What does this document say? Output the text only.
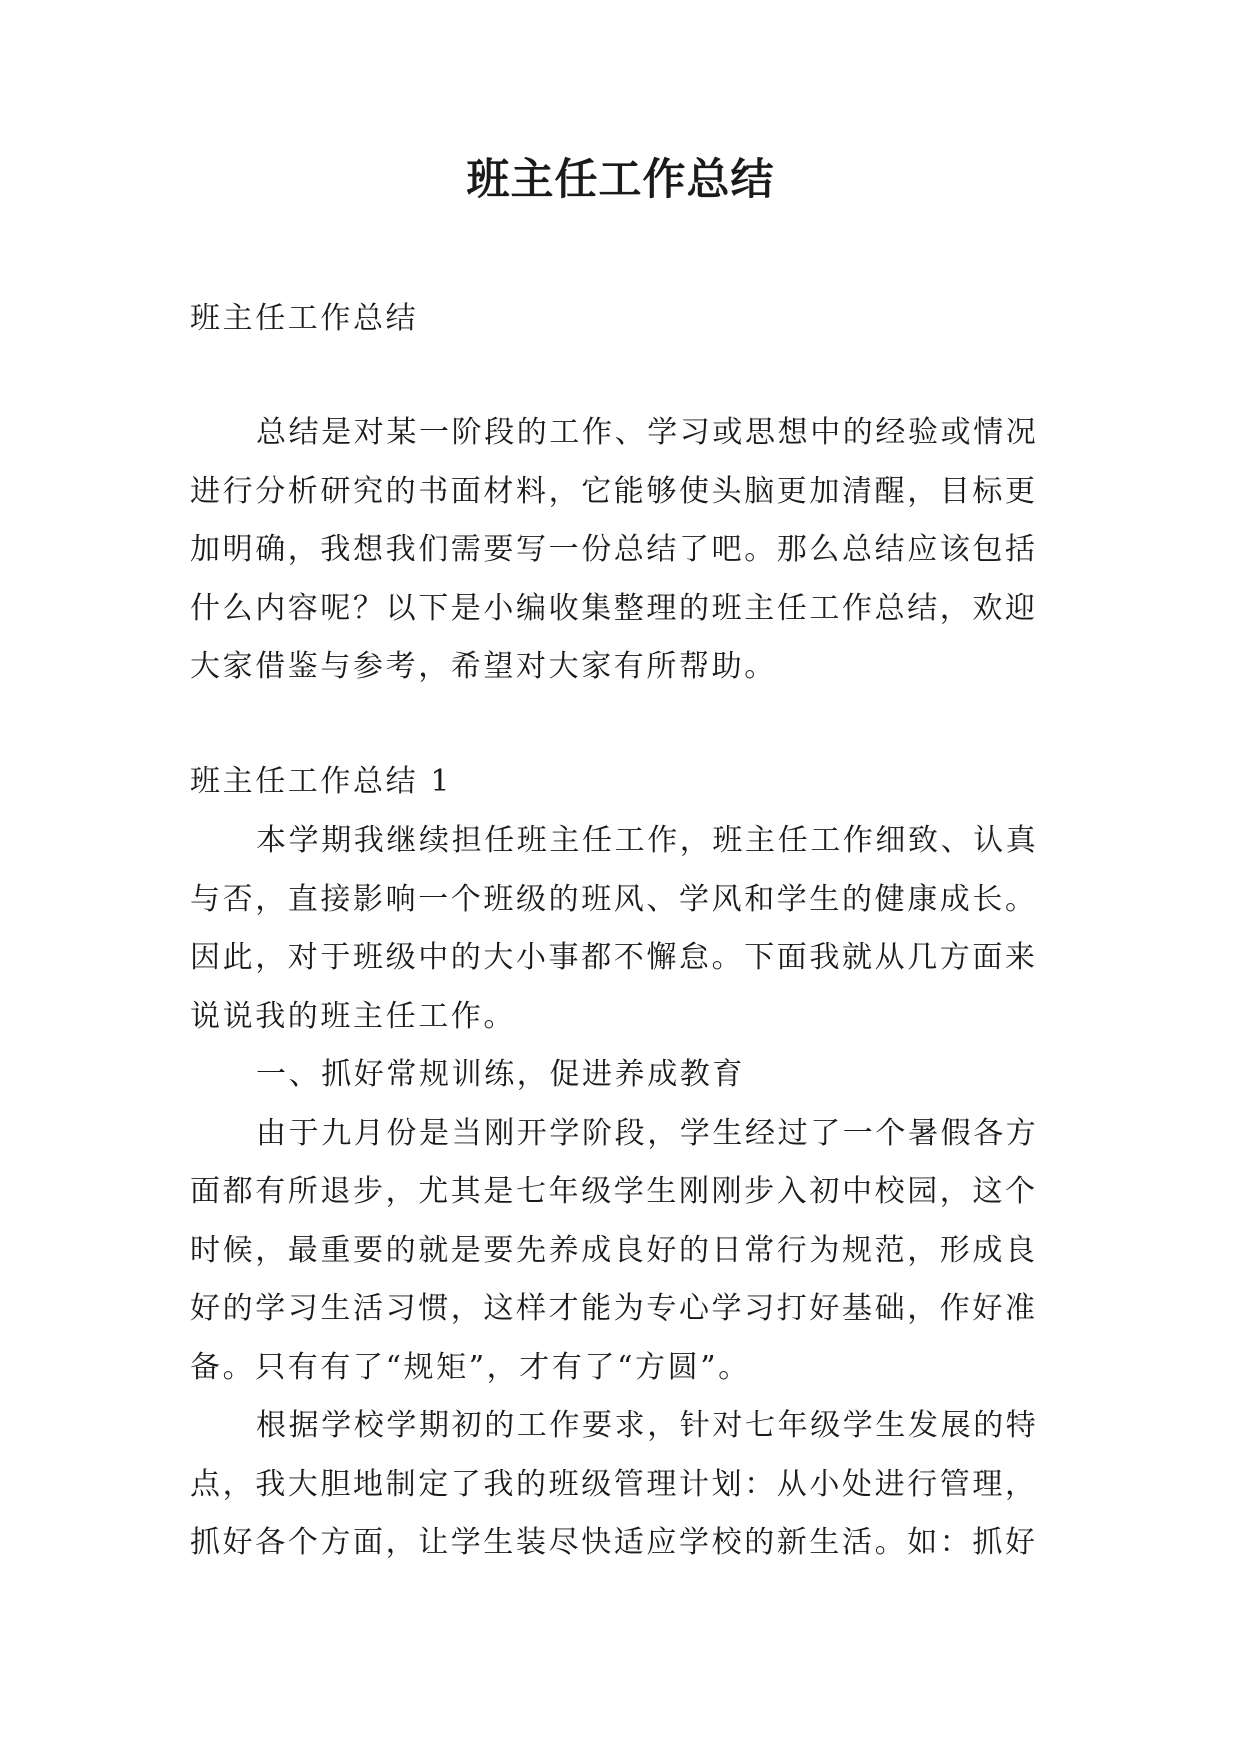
班主任工作总结

班主任工作总结

总结是对某一阶段的工作、学习或思想中的经验或情况进行分析研究的书面材料，它能够使头脑更加清醒，目标更加明确，我想我们需要写一份总结了吧。那么总结应该包括什么内容呢？以下是小编收集整理的班主任工作总结，欢迎大家借鉴与参考，希望对大家有所帮助。

班主任工作总结 1

本学期我继续担任班主任工作，班主任工作细致、认真与否，直接影响一个班级的班风、学风和学生的健康成长。因此，对于班级中的大小事都不懈怠。下面我就从几方面来说说我的班主任工作。

一、抓好常规训练，促进养成教育

由于九月份是当刚开学阶段，学生经过了一个暑假各方面都有所退步，尤其是七年级学生刚刚步入初中校园，这个时候，最重要的就是要先养成良好的日常行为规范，形成良好的学习生活习惯，这样才能为专心学习打好基础，作好准备。只有有了“规矩”，才有了“方圆”。

根据学校学期初的工作要求，针对七年级学生发展的特点，我大胆地制定了我的班级管理计划：从小处进行管理，抓好各个方面，让学生装尽快适应学校的新生活。如：抓好
